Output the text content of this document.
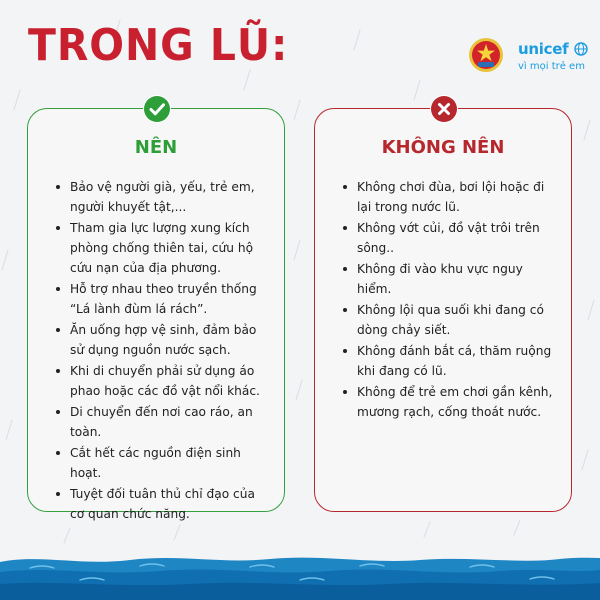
TRONG LŨ:	unicef
vì mọi trẻ em
NÊN
Bảo vệ người già, yếu, trẻ em, người khuyết tật,...
Tham gia lực lượng xung kích phòng chống thiên tai, cứu hộ cứu nạn của địa phương.
Hỗ trợ nhau theo truyền thống “Lá lành đùm lá rách”.
Ăn uống hợp vệ sinh, đảm bảo sử dụng nguồn nước sạch.
Khi di chuyển phải sử dụng áo phao hoặc các đồ vật nổi khác.
Di chuyển đến nơi cao ráo, an toàn.
Cắt hết các nguồn điện sinh hoạt.
Tuyệt đối tuân thủ chỉ đạo của cơ quan chức năng.
KHÔNG NÊN
Không chơi đùa, bơi lội hoặc đi lại trong nước lũ.
Không vớt củi, đồ vật trôi trên sông..
Không đi vào khu vực nguy hiểm.
Không lội qua suối khi đang có dòng chảy siết.
Không đánh bắt cá, thăm ruộng khi đang có lũ.
Không để trẻ em chơi gần kênh, mương rạch, cống thoát nước.
